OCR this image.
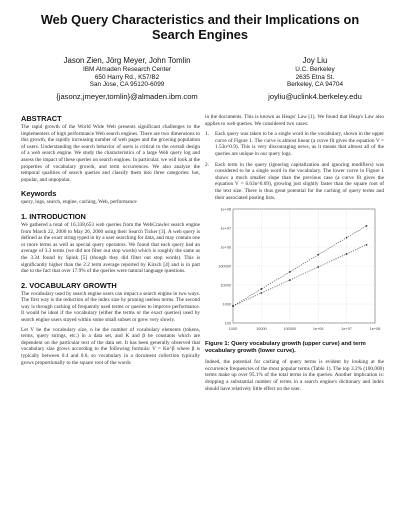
Web Query Characteristics and their Implications on Search Engines
Jason Zien, Jörg Meyer, John Tomlin
IBM Almaden Research Center
650 Harry Rd., K57/B2
San Jose, CA 95120-6099
{jasonz,jmeyer,tomlin}@almaden.ibm.com
Joy Liu
U.C. Berkeley
2635 Etna St.
Berkeley, CA 94704
joyliu@uclink4.berkeley.edu
ABSTRACT

The rapid growth of the World Wide Web presents significant challenges to the implementers of high performance Web search engines. There are two dimensions to this growth, the rapidly increasing number of web pages and the growing population of users. Understanding the search behavior of users is critical to the overall design of a web search engine. We study the characteristics of a large Web query log and assess the impact of these queries on search engines. In particular, we will look at the properties of vocabulary growth, and term occurrences. We also analyze the temporal qualities of search queries and classify them into three categories: hot, popular, and unpopular.

Keywords

query, logs, search, engine, caching, Web, performance

1. INTRODUCTION

We gathered a total of 16,338,653 web queries from the WebCrawler search engine from March 22, 2000 to May 26, 2000 using their Search Ticker [3]. A web query is defined as the exact string typed in by a user searching for data, and may contain one or more terms as well as special query operators. We found that each query had an average of 3.3 terms (we did not filter out stop words) which is roughly the same as the 3.34 found by Spink [5] (though they did filter out stop words). This is significantly higher than the 2.2 term average reported by Kirsch [4] and is in part due to the fact that over 17.9% of the queries were natural language questions.

2. VOCABULARY GROWTH

The vocabulary used by search engine users can impact a search engine in two ways. The first way is the reduction of the index size by pruning useless terms. The second way is through caching of frequently used terms or queries to improve performance. It would be ideal if the vocabulary (either the terms or the exact queries) used by search engine users stayed within some small subset or grew very slowly.

Let V be the vocabulary size, n be the number of vocabulary elements (tokens, terms, query strings, etc.) in a data set, and K and β be constants which are dependent on the particular text of the data set. It has been generally observed that vocabulary size grows according to the following formula: V = Kn^β where β is typically between 0.4 and 0.6, so vocabulary in a document collection typically grows proportionally to the square root of the words

in the documents. This is known as Heaps' Law [1]. We found that Heap's Law also applies to web queries. We considered two cases:

1.	Each query was taken to be a single word in the vocabulary, shown in the upper curve of Figure 1. The curve is almost linear (a curve fit gives the equation V = 1.53n^0.9). This is very discouraging news, as it means that almost all of the queries are unique in our query logs.

2.	Each term in the query (ignoring capitalization and ignoring modifiers) was considered to be a single word in the vocabulary. The lower curve in Figure 1 shows a much smaller slope than the previous case (a curve fit gives the equation V = 6.63n^0.69), growing just slightly faster than the square root of the text size. There is thus great potential for the caching of query terms and their associated posting lists.

1000	10000	100000	1e+06	1e+07	1e+08
100
1000
10000
100000
1e+06
1e+07
1e+08
Figure 1: Query vocabulary growth (upper curve) and term vocabulary growth (lower curve).

Indeed, the potential for caching of query terms is evident by looking at the occurrence frequencies of the most popular terms (Table 1). The top 3.2% (100,000) terms make up over 95.1% of the total terms in the queries. Another implication is: dropping a substantial number of terms in a search engine's dictionary and index should have relatively little effect on the user.
